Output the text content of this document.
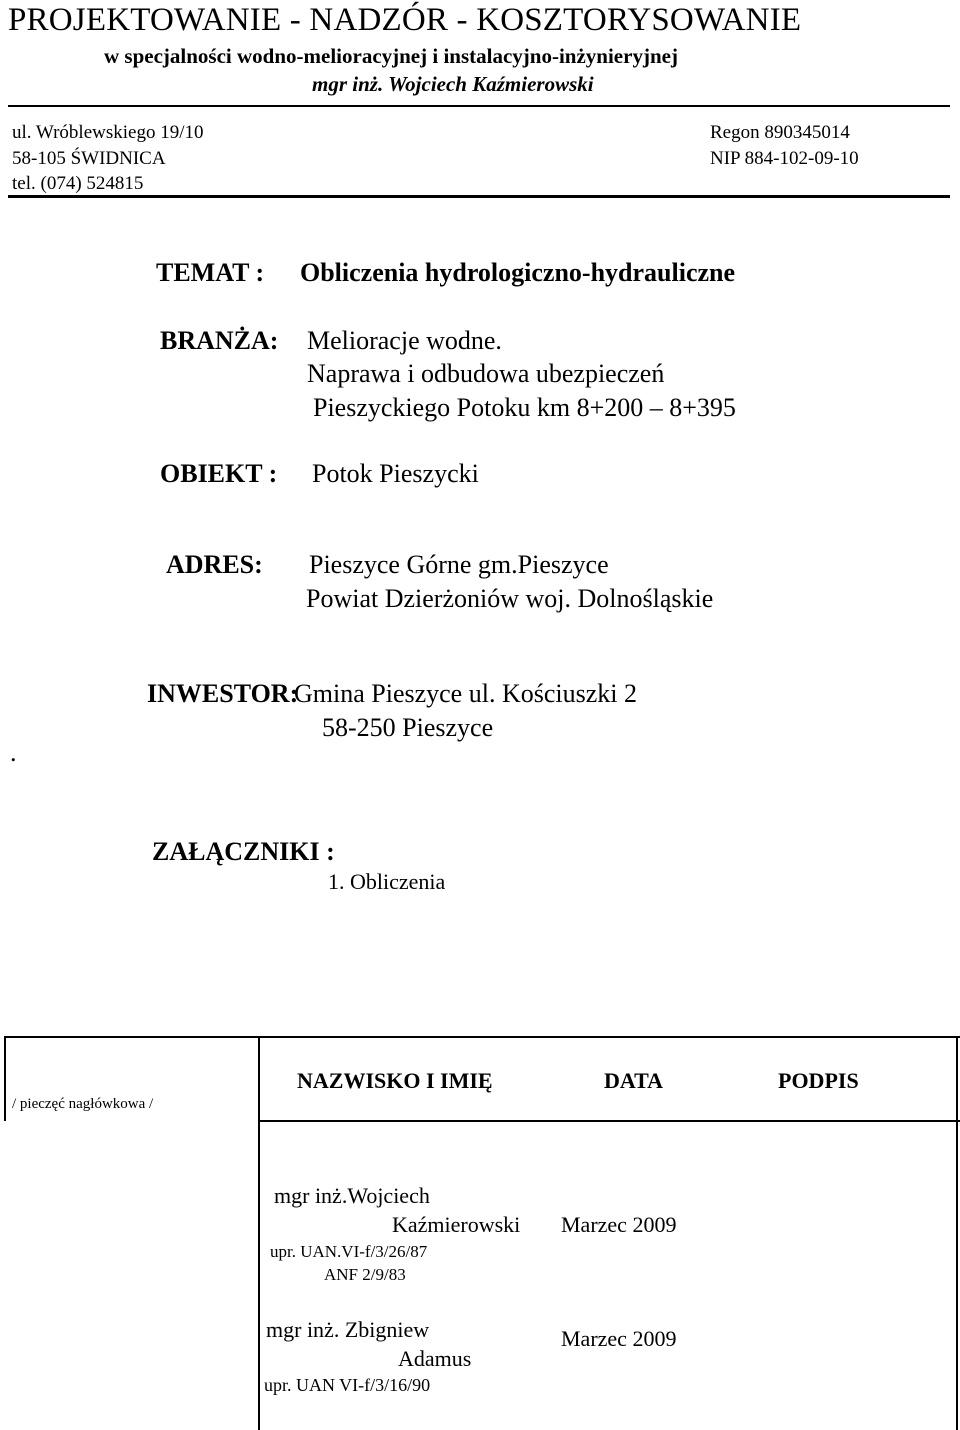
PROJEKTOWANIE - NADZÓR - KOSZTORYSOWANIE
w specjalności wodno-melioracyjnej i instalacyjno-inżynieryjnej
mgr inż. Wojciech Kaźmierowski
ul. Wróblewskiego 19/10
58-105 ŚWIDNICA
tel. (074) 524815
Regon 890345014
NIP 884-102-09-10
TEMAT : Obliczenia hydrologiczno-hydrauliczne
BRANŻA: Melioracje wodne.
Naprawa i odbudowa ubezpieczeń
Pieszyckiego Potoku km 8+200 – 8+395
OBIEKT : Potok Pieszycki
ADRES: Pieszyce Górne gm.Pieszyce
Powiat Dzierżoniów woj. Dolnośląskie
.
INWESTOR:
Gmina Pieszyce ul. Kościuszki 2
58-250 Pieszyce
ZAŁĄCZNIKI :
1. Obliczenia
/ pieczęć nagłówkowa /
NAZWISKO I IMIĘ	DATA	PODPIS
mgr inż.Wojciech
Kaźmierowski
upr. UAN.VI-f/3/26/87
ANF 2/9/83
Marzec 2009
mgr inż. Zbigniew
Adamus
upr. UAN VI-f/3/16/90
Marzec 2009
